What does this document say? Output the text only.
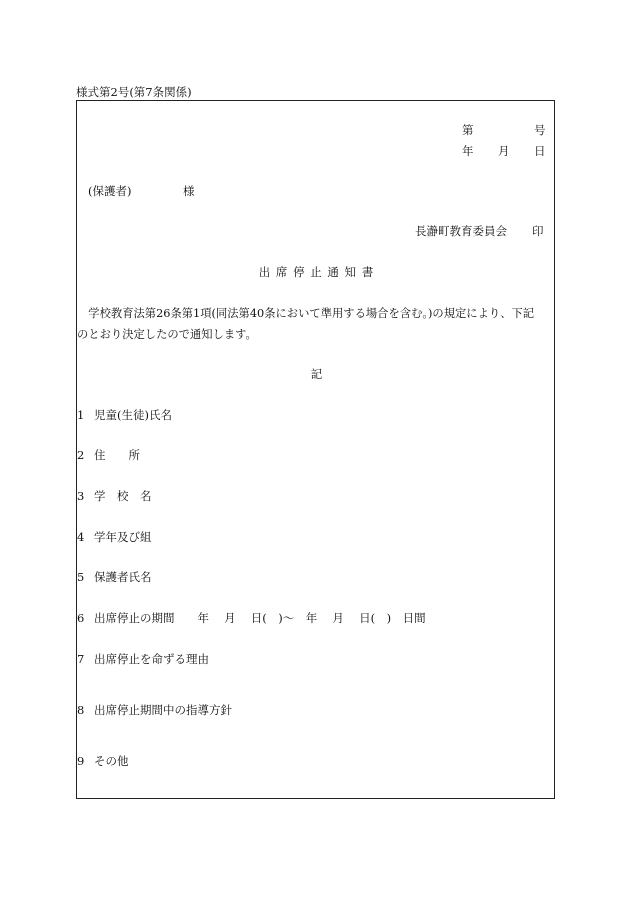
様式第2号(第7条関係)
第	号
年 月 日
(保護者)	様
長瀞町教育委員会 印
出 席 停 止 通 知 書
　学校教育法第26条第1項(同法第40条において準用する場合を含む。)の規定により、下記
のとおり決定したので通知します。
記
1 児童(生徒)氏名
2 住　　所
3 学　校　名
4 学年及び組
5 保護者氏名
6 出席停止の期間　　年　 月　 日(　)～　年　 月　 日(　)　日間
7 出席停止を命ずる理由
8 出席停止期間中の指導方針
9 その他
